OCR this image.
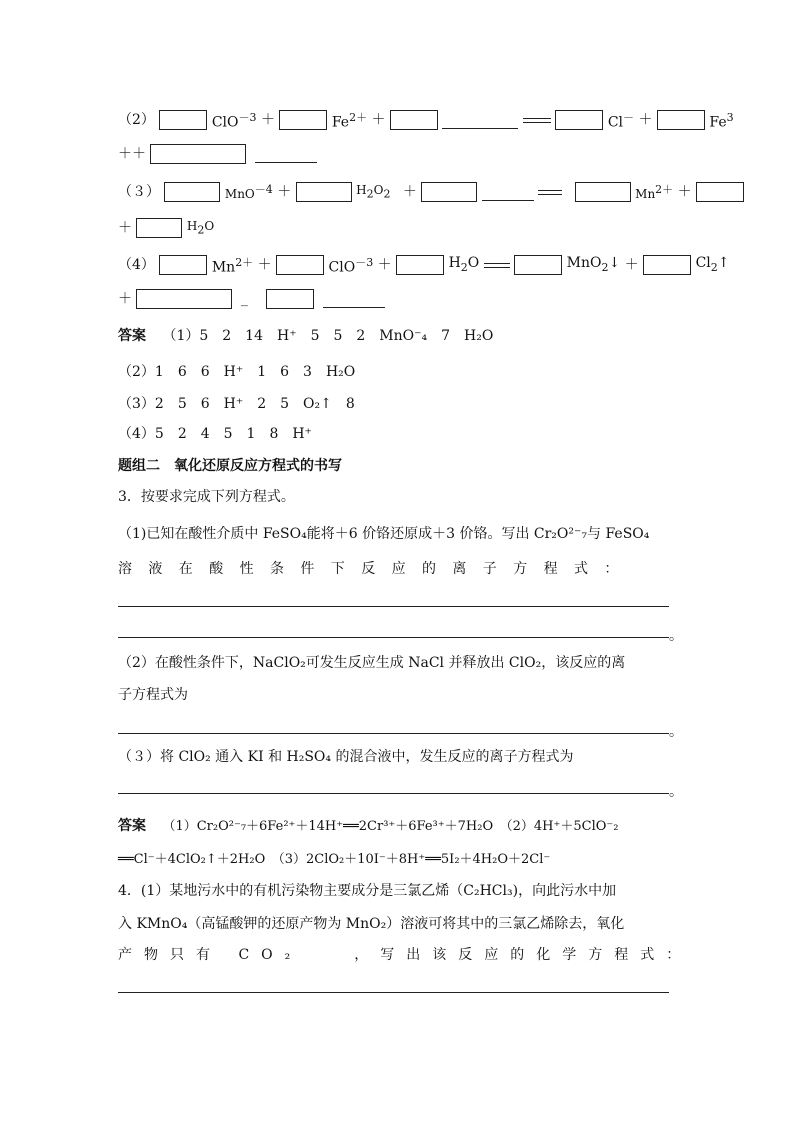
（2）	ClO$^{-3}$ ＋	$Fe^{2+}$ ＋	Cl－ ＋	$Fe^3$
＋＋
（３）	MnO－4 ＋	H2O2 ＋	Mn2＋ ＋
＋	H2O
（4）	$Mn^{2+}$ ＋	ClO$^{-3}$ ＋	$H_2O$	MnO$_2$↓ ＋	$Cl_2↑$
＋	_
答案 （1）5　2　14　H⁺　5　5　2　MnO⁻₄　7　H₂O
（2）1　6　6　H⁺　1　6　3　H₂O
（3）2　5　6　H⁺　2　5　O₂↑　8
（4）5　2　4　5　1　8　H⁺
题组二　氧化还原反应方程式的书写
3．按要求完成下列方程式。
（1)已知在酸性介质中 FeSO₄能将＋6 价铬还原成＋3 价铬。写出 Cr₂O²⁻₇与 FeSO₄
溶液在酸性条件下反应的离子方程式：
。
（2）在酸性条件下，NaClO₂可发生反应生成 NaCl 并释放出 ClO₂，该反应的离
子方程式为
。
（３）将 ClO₂ 通入 KI 和 H₂SO₄ 的混合液中，发生反应的离子方程式为
。
答案 （1）Cr₂O²⁻₇＋6Fe²⁺＋14H⁺══2Cr³⁺＋6Fe³⁺＋7H₂O　（2）4H⁺＋5ClO⁻₂
══Cl⁻＋4ClO₂↑＋2H₂O　（3）2ClO₂＋10I⁻＋8H⁺══5I₂＋4H₂O＋2Cl⁻
4．(1）某地污水中的有机污染物主要成分是三氯乙烯（C₂HCl₃)，向此污水中加
入 KMnO₄（高锰酸钾的还原产物为 MnO₂）溶液可将其中的三氯乙烯除去，氧化
产物只有 CO₂　　，写出该反应的化学方程式：
